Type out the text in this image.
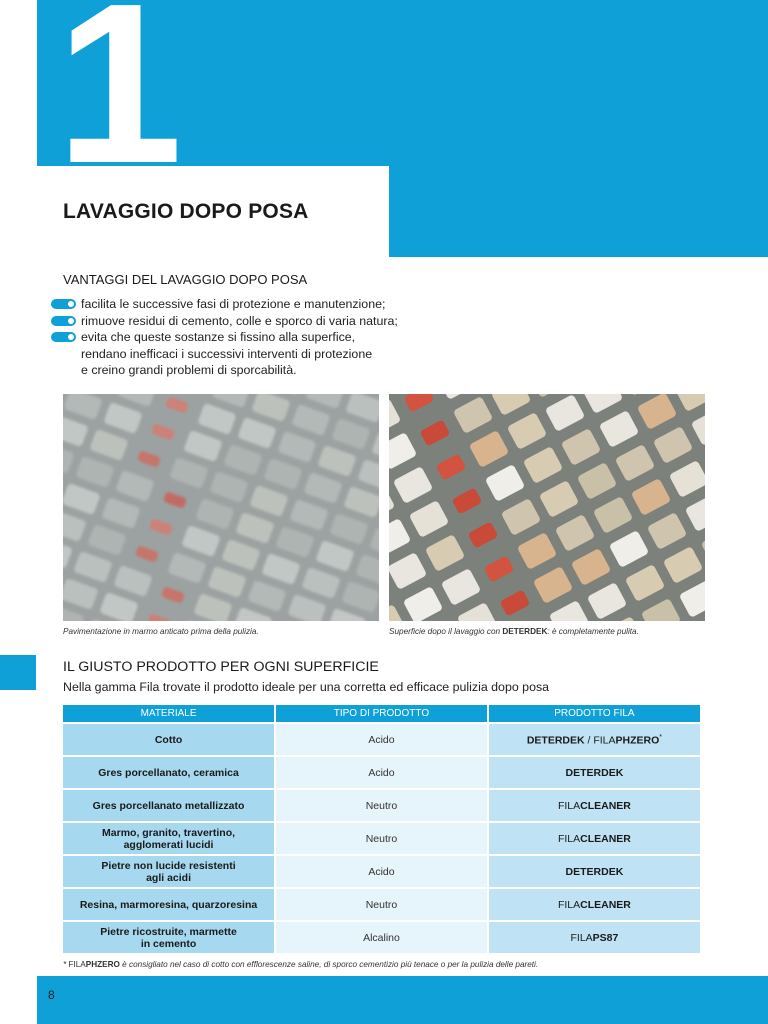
1
LAVAGGIO DOPO POSA
VANTAGGI DEL LAVAGGIO DOPO POSA
facilita le successive fasi di protezione e manutenzione;
rimuove residui di cemento, colle e sporco di varia natura;
evita che queste sostanze si fissino alla superfice,
rendano inefficaci i successivi interventi di protezione
e creino grandi problemi di sporcabilità.
Pavimentazione in marmo anticato prima della pulizia.	Superficie dopo il lavaggio con DETERDEK: è completamente pulita.
IL GIUSTO PRODOTTO PER OGNI SUPERFICIE
Nella gamma Fila trovate il prodotto ideale per una corretta ed efficace pulizia dopo posa
MATERIALE	TIPO DI PRODOTTO	PRODOTTO FILA

Cotto	Acido	DETERDEK / FILAPHZERO*

Gres porcellanato, ceramica	Acido	DETERDEK

Gres porcellanato metallizzato	Neutro	FILACLEANER

Marmo, granito, travertino,
agglomerati lucidi	Neutro	FILACLEANER

Pietre non lucide resistenti
agli acidi	Acido	DETERDEK

Resina, marmoresina, quarzoresina	Neutro	FILACLEANER

Pietre ricostruite, marmette
in cemento	Alcalino	FILAPS87
* FILAPHZERO è consigliato nel caso di cotto con efflorescenze saline, di sporco cementizio più tenace o per la pulizia delle pareti.
8
